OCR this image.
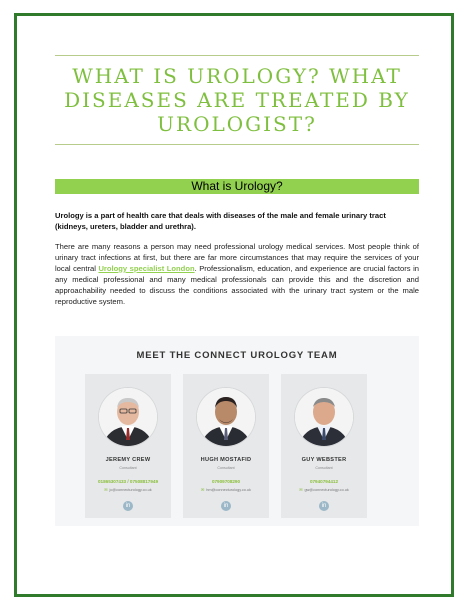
WHAT IS UROLOGY? WHAT DISEASES ARE TREATED BY UROLOGIST?
What is Urology?

Urology is a part of health care that deals with diseases of the male and female urinary tract (kidneys, ureters, bladder and urethra).

There are many reasons a person may need professional urology medical services. Most people think of urinary tract infections at first, but there are far more circumstances that may require the services of your local central Urology specialist London. Professionalism, education, and experience are crucial factors in any medical professional and many medical professionals can provide this and the discretion and approachability needed to discuss the conditions associated with the urinary tract system or the male reproductive system.

MEET THE CONNECT UROLOGY TEAM
JEREMY CREW
Consultant
01865307433 / 07508817949
✉ jc@connecturology.co.uk
in
HUGH MOSTAFID
Consultant
07909708290
✉ hm@connecturology.co.uk
in
GUY WEBSTER
Consultant
07940794412
✉ gw@connecturology.co.uk
in
